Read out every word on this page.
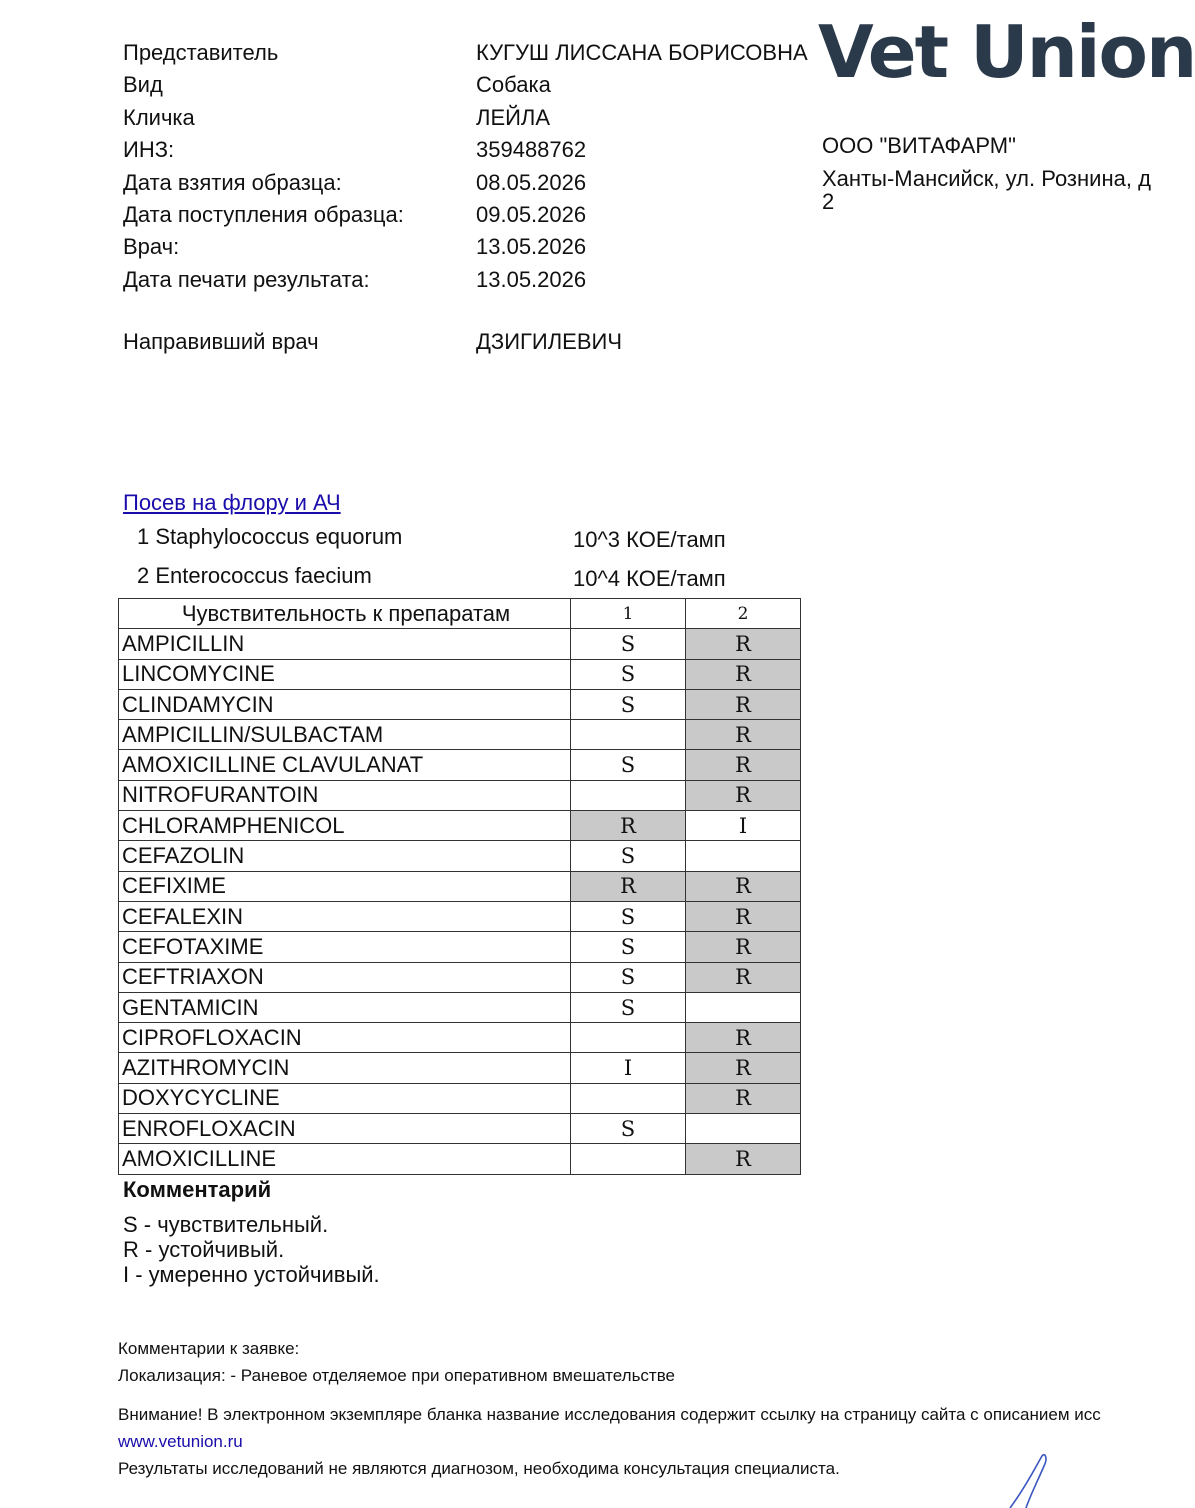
Представитель	КУГУШ ЛИССАНА БОРИСОВНА
Вид	Собака
Кличка	ЛЕЙЛА
ИНЗ:	359488762
Дата взятия образца:	08.05.2026
Дата поступления образца:	09.05.2026
Врач:	13.05.2026
Дата печати результата:	13.05.2026
Направивший врач	ДЗИГИЛЕВИЧ
Vet Union
ООО "ВИТАФАРМ"
Ханты-Мансийск, ул. Рознина, д
2
Посев на флору и АЧ
1 Staphylococcus equorum	10^3 КОЕ/тамп
2 Enterococcus faecium	10^4 КОЕ/тамп
Чувствительность к препаратам	1	2
AMPICILLIN	S	R
LINCOMYCINE	S	R
CLINDAMYCIN	S	R
AMPICILLIN/SULBACTAM		R
AMOXICILLINE CLAVULANAT	S	R
NITROFURANTOIN		R
CHLORAMPHENICOL	R	I
CEFAZOLIN	S	
CEFIXIME	R	R
CEFALEXIN	S	R
CEFOTAXIME	S	R
CEFTRIAXON	S	R
GENTAMICIN	S	
CIPROFLOXACIN		R
AZITHROMYCIN	I	R
DOXYCYCLINE		R
ENROFLOXACIN	S	
AMOXICILLINE		R
Комментарий
S - чувствительный.
R - устойчивый.
I - умеренно устойчивый.
Комментарии к заявке:
Локализация: - Раневое отделяемое при оперативном вмешательстве
Внимание! В электронном экземпляре бланка название исследования содержит ссылку на страницу сайта с описанием исс
www.vetunion.ru
Результаты исследований не являются диагнозом, необходима консультация специалиста.
